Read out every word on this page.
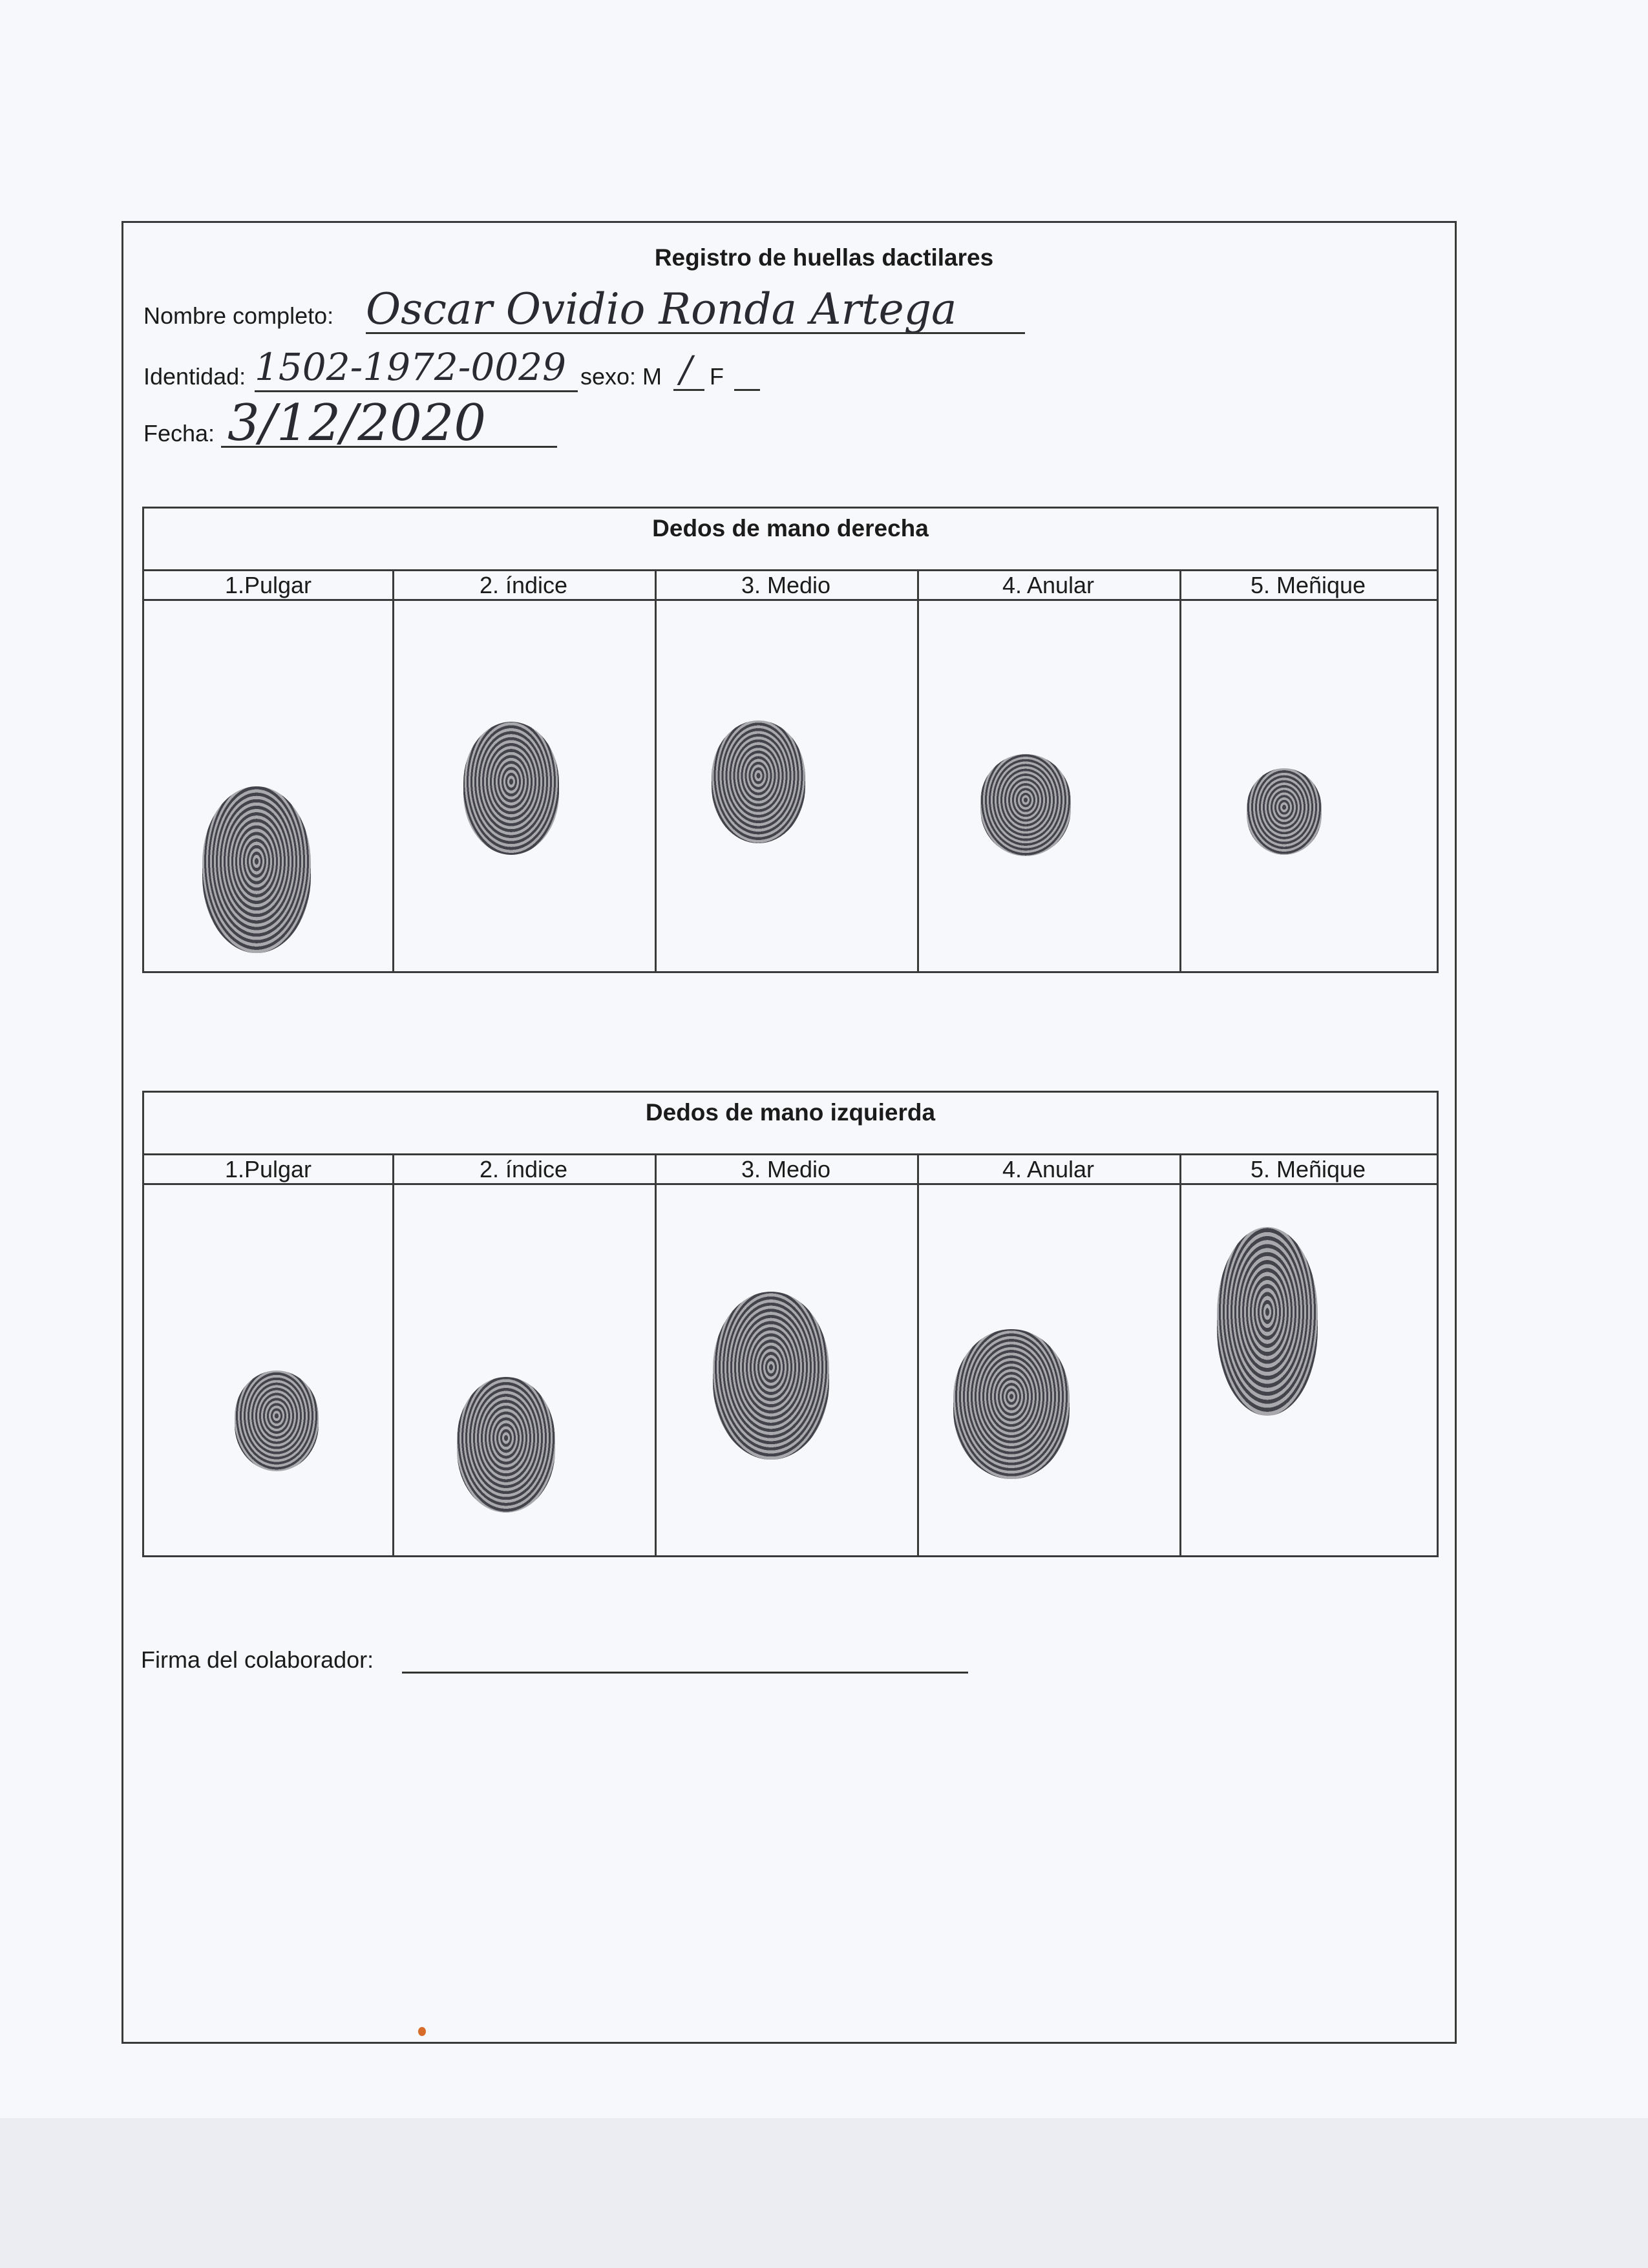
Registro de huellas dactilares
Nombre completo: Oscar Ovidio Ronda Artega
Identidad: 1502-1972-0029 sexo: M / F
Fecha: 3/12/2020
Dedos de mano derecha
1.Pulgar	2. índice	3. Medio	4. Anular	5. Meñique
Dedos de mano izquierda
1.Pulgar	2. índice	3. Medio	4. Anular	5. Meñique
Firma del colaborador:
